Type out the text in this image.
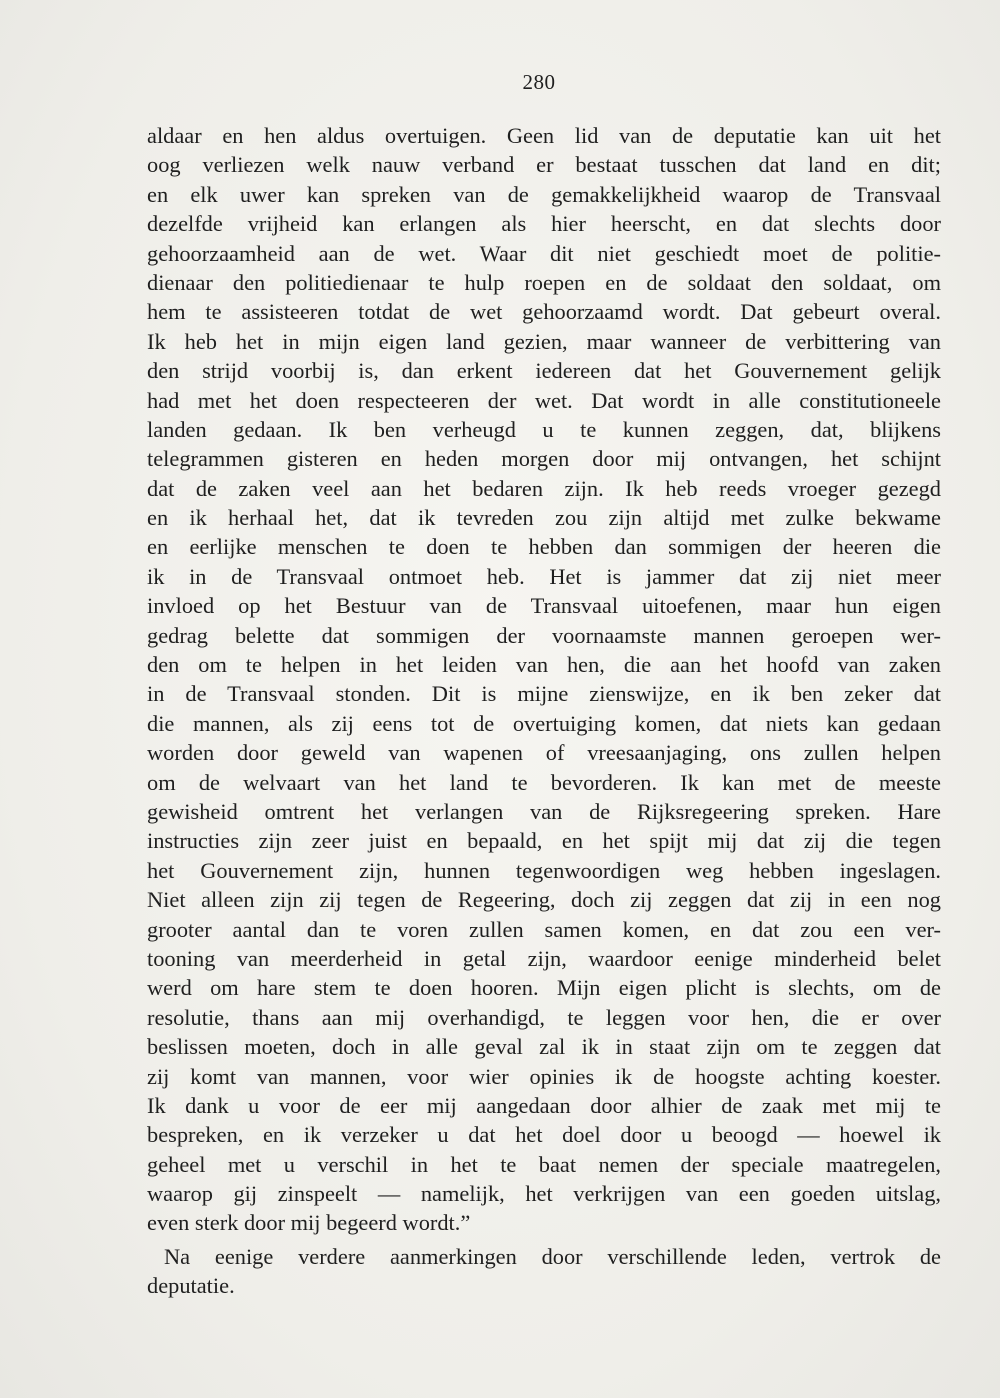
280
aldaar en hen aldus overtuigen. Geen lid van de deputatie kan uit het
oog verliezen welk nauw verband er bestaat tusschen dat land en dit;
en elk uwer kan spreken van de gemakkelijkheid waarop de Transvaal
dezelfde vrijheid kan erlangen als hier heerscht, en dat slechts door
gehoorzaamheid aan de wet. Waar dit niet geschiedt moet de politie-
dienaar den politiedienaar te hulp roepen en de soldaat den soldaat, om
hem te assisteeren totdat de wet gehoorzaamd wordt. Dat gebeurt overal.
Ik heb het in mijn eigen land gezien, maar wanneer de verbittering van
den strijd voorbij is, dan erkent iedereen dat het Gouvernement gelijk
had met het doen respecteeren der wet. Dat wordt in alle constitutioneele
landen gedaan. Ik ben verheugd u te kunnen zeggen, dat, blijkens
telegrammen gisteren en heden morgen door mij ontvangen, het schijnt
dat de zaken veel aan het bedaren zijn. Ik heb reeds vroeger gezegd
en ik herhaal het, dat ik tevreden zou zijn altijd met zulke bekwame
en eerlijke menschen te doen te hebben dan sommigen der heeren die
ik in de Transvaal ontmoet heb. Het is jammer dat zij niet meer
invloed op het Bestuur van de Transvaal uitoefenen, maar hun eigen
gedrag belette dat sommigen der voornaamste mannen geroepen wer-
den om te helpen in het leiden van hen, die aan het hoofd van zaken
in de Transvaal stonden. Dit is mijne zienswijze, en ik ben zeker dat
die mannen, als zij eens tot de overtuiging komen, dat niets kan gedaan
worden door geweld van wapenen of vreesaanjaging, ons zullen helpen
om de welvaart van het land te bevorderen. Ik kan met de meeste
gewisheid omtrent het verlangen van de Rijksregeering spreken. Hare
instructies zijn zeer juist en bepaald, en het spijt mij dat zij die tegen
het Gouvernement zijn, hunnen tegenwoordigen weg hebben ingeslagen.
Niet alleen zijn zij tegen de Regeering, doch zij zeggen dat zij in een nog
grooter aantal dan te voren zullen samen komen, en dat zou een ver-
tooning van meerderheid in getal zijn, waardoor eenige minderheid belet
werd om hare stem te doen hooren. Mijn eigen plicht is slechts, om de
resolutie, thans aan mij overhandigd, te leggen voor hen, die er over
beslissen moeten, doch in alle geval zal ik in staat zijn om te zeggen dat
zij komt van mannen, voor wier opinies ik de hoogste achting koester.
Ik dank u voor de eer mij aangedaan door alhier de zaak met mij te
bespreken, en ik verzeker u dat het doel door u beoogd — hoewel ik
geheel met u verschil in het te baat nemen der speciale maatregelen,
waarop gij zinspeelt — namelijk, het verkrijgen van een goeden uitslag,
even sterk door mij begeerd wordt.”
Na eenige verdere aanmerkingen door verschillende leden, vertrok de
deputatie.
